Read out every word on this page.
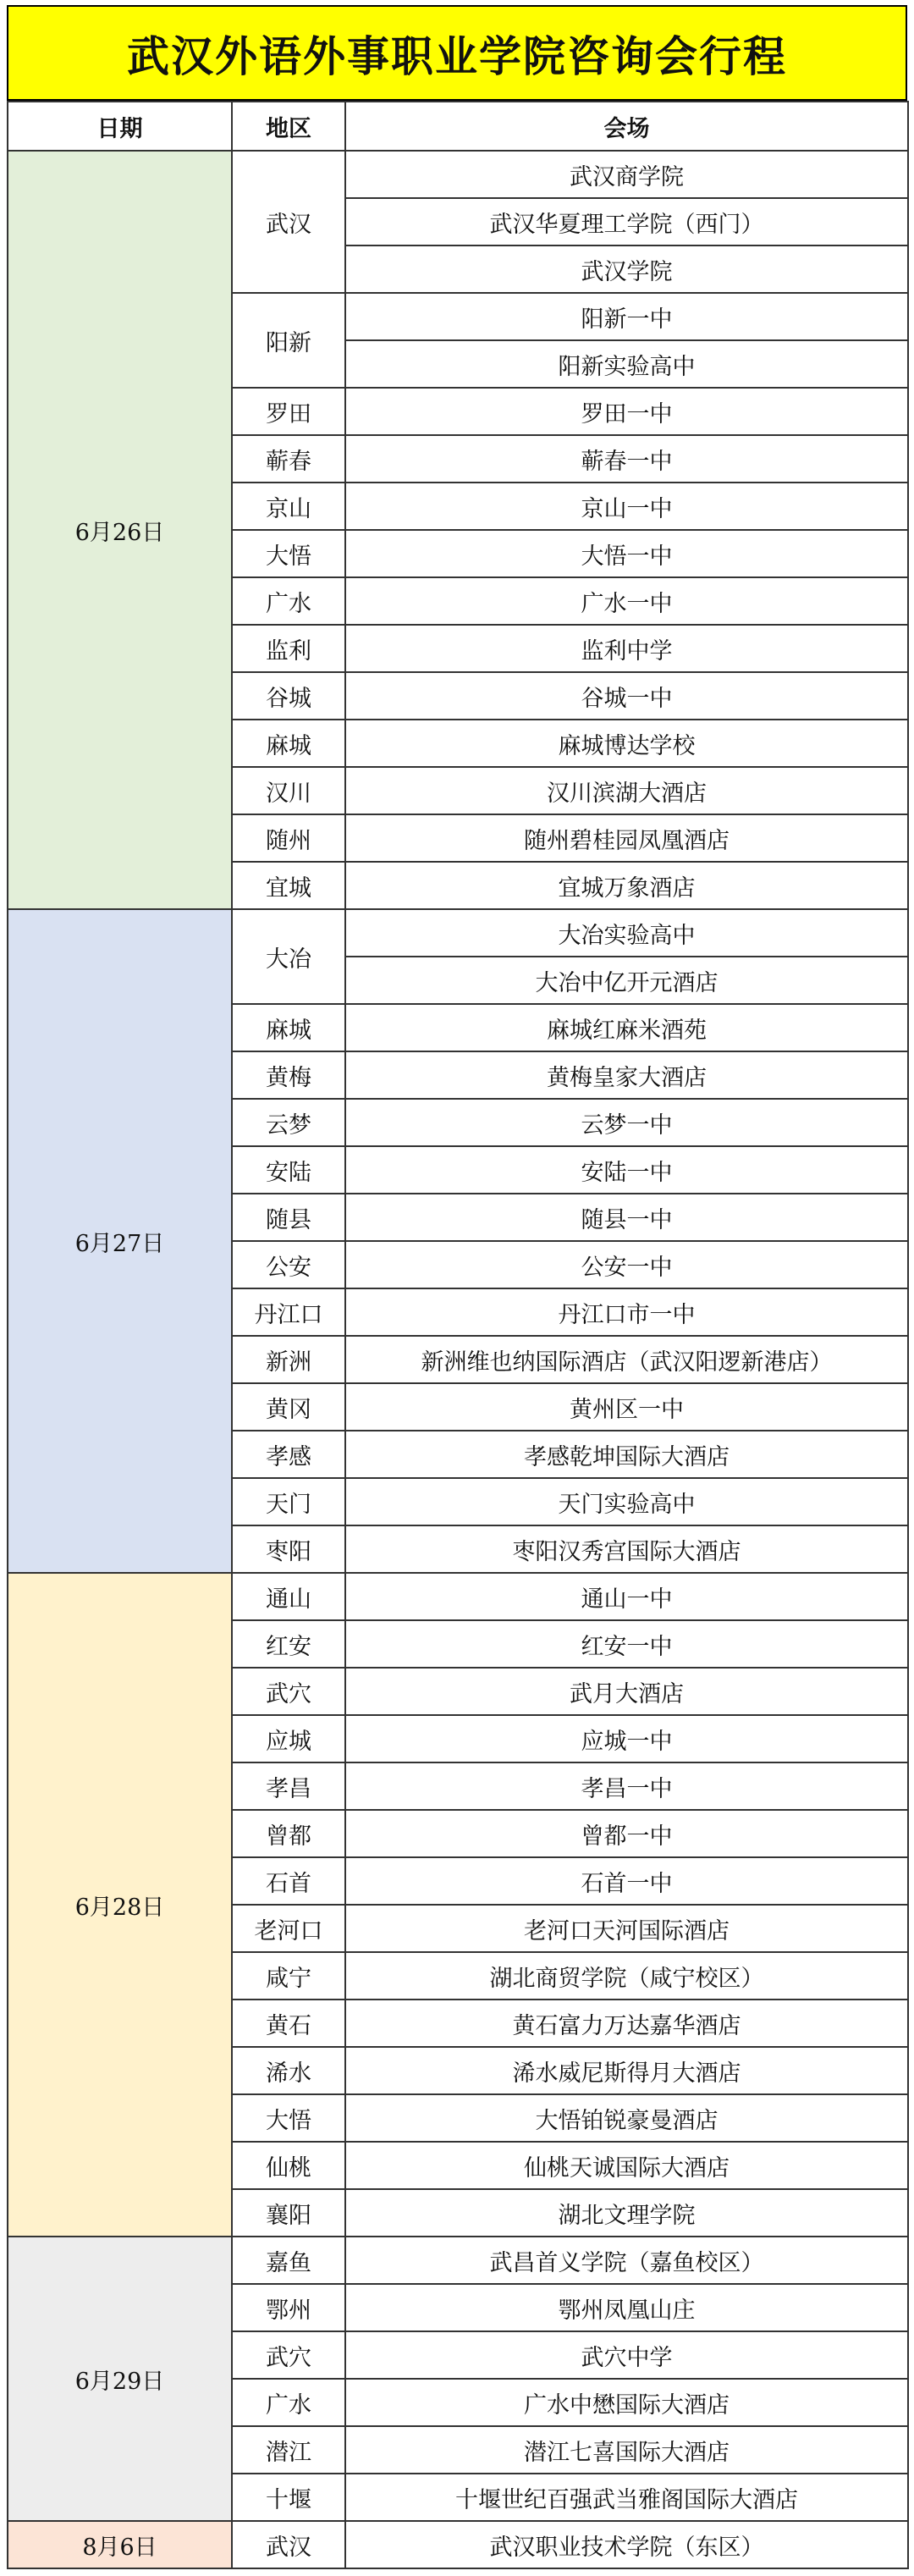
武汉外语外事职业学院咨询会行程
日期	地区	会场
6月26日	武汉	武汉商学院
		武汉华夏理工学院（西门）
		武汉学院
	阳新	阳新一中
		阳新实验高中
	罗田	罗田一中
	蕲春	蕲春一中
	京山	京山一中
	大悟	大悟一中
	广水	广水一中
	监利	监利中学
	谷城	谷城一中
	麻城	麻城博达学校
	汉川	汉川滨湖大酒店
	随州	随州碧桂园凤凰酒店
	宜城	宜城万象酒店
6月27日	大冶	大冶实验高中
		大冶中亿开元酒店
	麻城	麻城红麻米酒苑
	黄梅	黄梅皇家大酒店
	云梦	云梦一中
	安陆	安陆一中
	随县	随县一中
	公安	公安一中
	丹江口	丹江口市一中
	新洲	新洲维也纳国际酒店（武汉阳逻新港店）
	黄冈	黄州区一中
	孝感	孝感乾坤国际大酒店
	天门	天门实验高中
	枣阳	枣阳汉秀宫国际大酒店
6月28日	通山	通山一中
	红安	红安一中
	武穴	武月大酒店
	应城	应城一中
	孝昌	孝昌一中
	曾都	曾都一中
	石首	石首一中
	老河口	老河口天河国际酒店
	咸宁	湖北商贸学院（咸宁校区）
	黄石	黄石富力万达嘉华酒店
	浠水	浠水威尼斯得月大酒店
	大悟	大悟铂锐豪曼酒店
	仙桃	仙桃天诚国际大酒店
	襄阳	湖北文理学院
6月29日	嘉鱼	武昌首义学院（嘉鱼校区）
	鄂州	鄂州凤凰山庄
	武穴	武穴中学
	广水	广水中懋国际大酒店
	潜江	潜江七喜国际大酒店
	十堰	十堰世纪百强武当雅阁国际大酒店
8月6日	武汉	武汉职业技术学院（东区）
